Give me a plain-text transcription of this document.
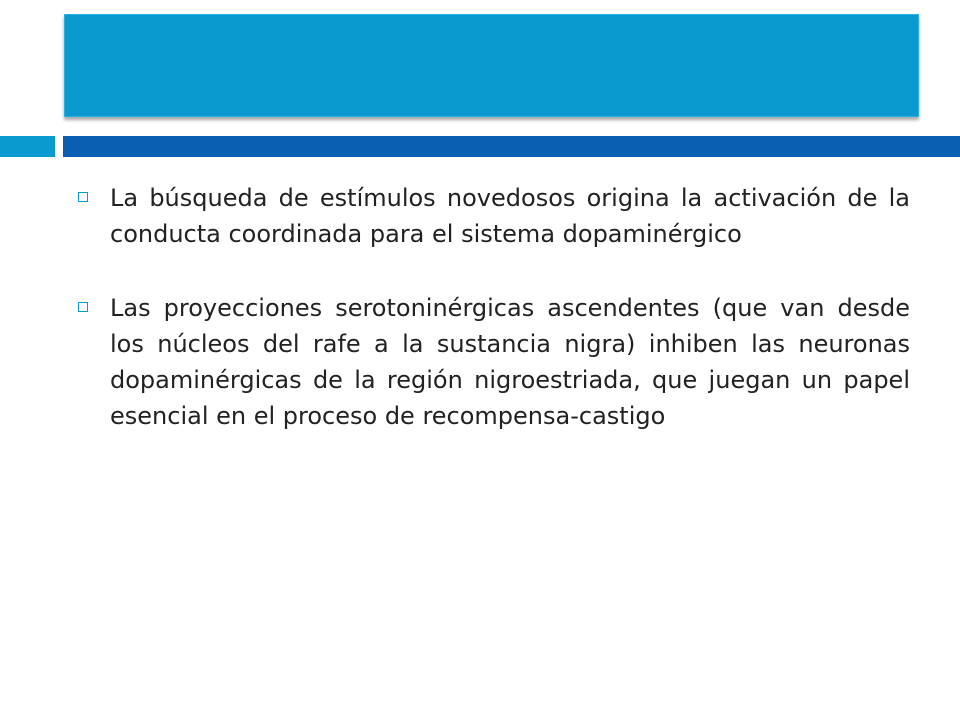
La búsqueda de estímulos novedosos origina la activación de la conducta coordinada para el sistema dopaminérgico
Las proyecciones serotoninérgicas ascendentes (que van desde los núcleos del rafe a la sustancia nigra) inhiben las neuronas dopaminérgicas de la región nigroestriada, que juegan un papel esencial en el proceso de recompensa-castigo
